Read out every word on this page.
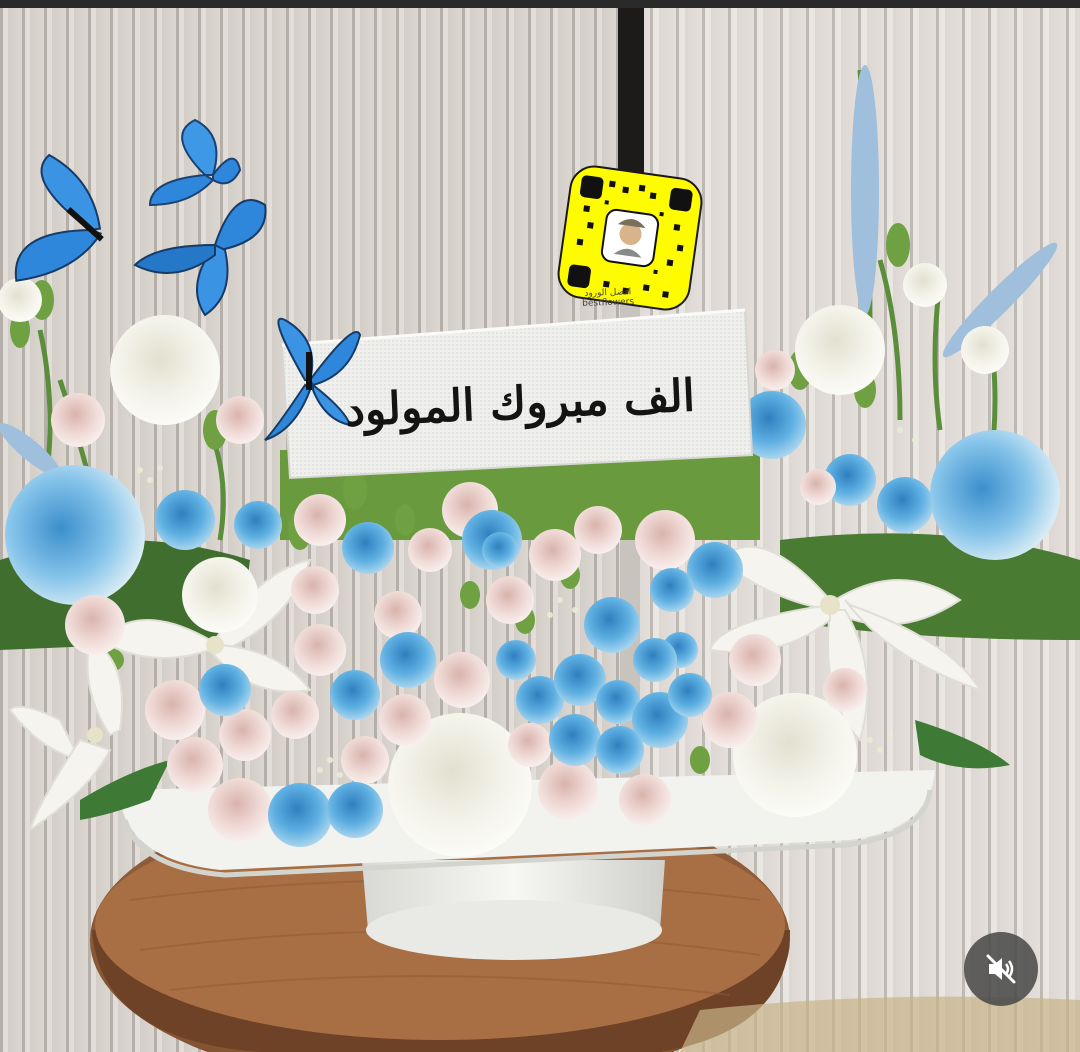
الف مبروك المولود
افضل الورود
bestflowers
